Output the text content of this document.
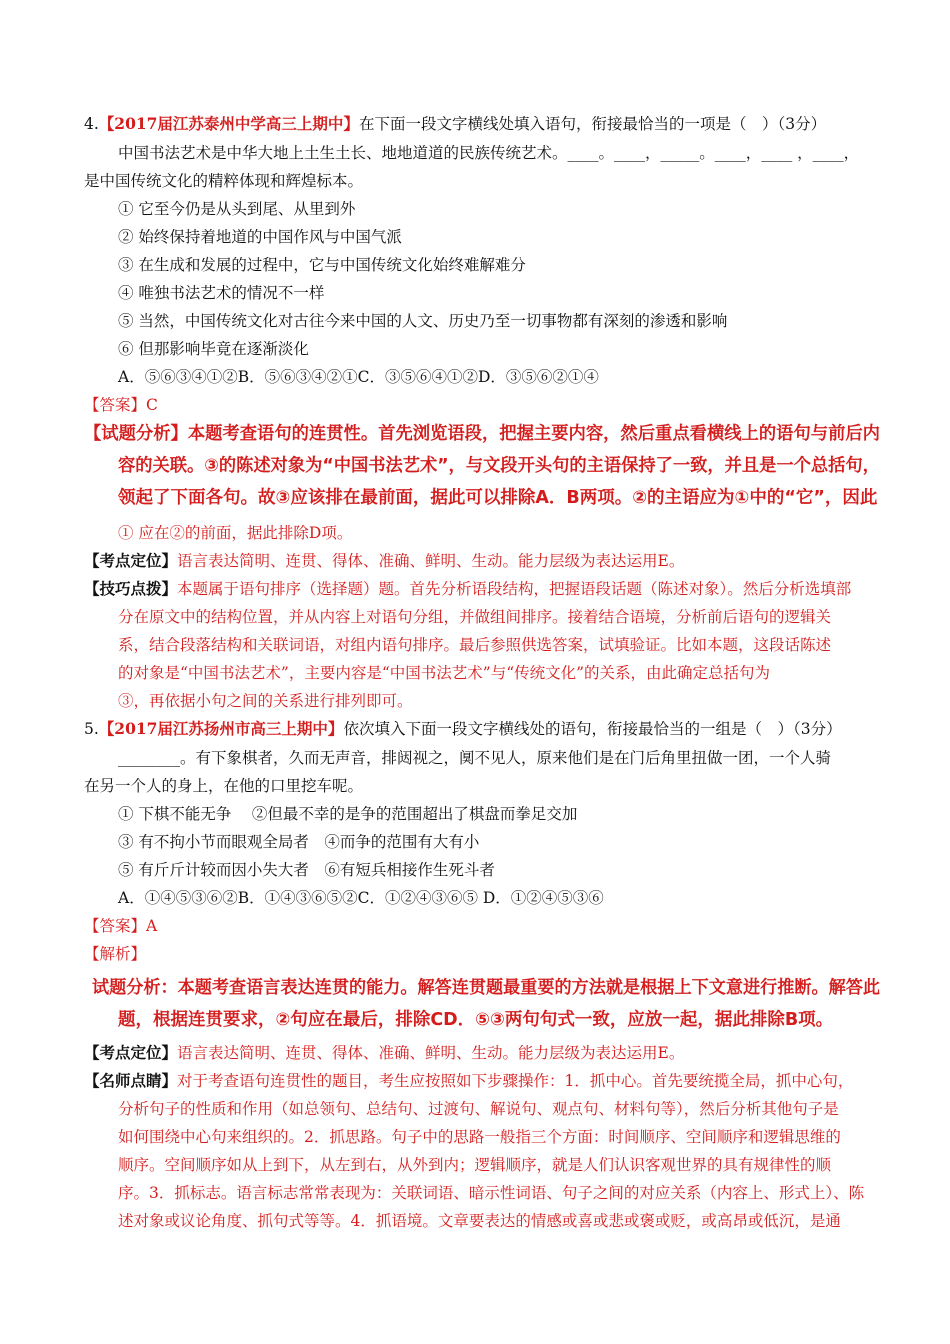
4.【2017届江苏泰州中学高三上期中】在下面一段文字横线处填入语句，衔接最恰当的一项是（　）（3分）
中国书法艺术是中华大地上土生土长、地地道道的民族传统艺术。____。____，_____。____，____ ，____，
是中国传统文化的精粹体现和辉煌标本。
① 它至今仍是从头到尾、从里到外
② 始终保持着地道的中国作风与中国气派
③ 在生成和发展的过程中，它与中国传统文化始终难解难分
④ 唯独书法艺术的情况不一样
⑤ 当然，中国传统文化对古往今来中国的人文、历史乃至一切事物都有深刻的渗透和影响
⑥ 但那影响毕竟在逐渐淡化
A．⑤⑥③④①②B．⑤⑥③④②①C．③⑤⑥④①②D．③⑤⑥②①④
【答案】C
【试题分析】本题考查语句的连贯性。首先浏览语段，把握主要内容，然后重点看横线上的语句与前后内
容的关联。③的陈述对象为“中国书法艺术”，与文段开头句的主语保持了一致，并且是一个总括句，
领起了下面各句。故③应该排在最前面，据此可以排除A．B两项。②的主语应为①中的“它”，因此
① 应在②的前面，据此排除D项。
【考点定位】语言表达简明、连贯、得体、准确、鲜明、生动。能力层级为表达运用E。
【技巧点拨】本题属于语句排序（选择题）题。首先分析语段结构，把握语段话题（陈述对象）。然后分析选填部
分在原文中的结构位置，并从内容上对语句分组，并做组间排序。接着结合语境，分析前后语句的逻辑关
系，结合段落结构和关联词语，对组内语句排序。最后参照供选答案，试填验证。比如本题，这段话陈述
的对象是“中国书法艺术”，主要内容是“中国书法艺术”与“传统文化”的关系，由此确定总括句为
③，再依据小句之间的关系进行排列即可。
5.【2017届江苏扬州市高三上期中】依次填入下面一段文字横线处的语句，衔接最恰当的一组是（　）（3分）
________。有下象棋者，久而无声音，排闼视之，阒不见人，原来他们是在门后角里扭做一团，一个人骑
在另一个人的身上，在他的口里挖车呢。
① 下棋不能无争　 ②但最不幸的是争的范围超出了棋盘而拳足交加
③ 有不拘小节而眼观全局者　④而争的范围有大有小
⑤ 有斤斤计较而因小失大者　⑥有短兵相接作生死斗者
A．①④⑤③⑥②B．①④③⑥⑤②C．①②④③⑥⑤ D．①②④⑤③⑥
【答案】A
【解析】
试题分析：本题考查语言表达连贯的能力。解答连贯题最重要的方法就是根据上下文意进行推断。解答此
题，根据连贯要求，②句应在最后，排除CD．⑤③两句句式一致，应放一起，据此排除B项。
【考点定位】语言表达简明、连贯、得体、准确、鲜明、生动。能力层级为表达运用E。
【名师点睛】对于考查语句连贯性的题目，考生应按照如下步骤操作：1．抓中心。首先要统揽全局，抓中心句，
分析句子的性质和作用（如总领句、总结句、过渡句、解说句、观点句、材料句等），然后分析其他句子是
如何围绕中心句来组织的。2．抓思路。句子中的思路一般指三个方面：时间顺序、空间顺序和逻辑思维的
顺序。空间顺序如从上到下，从左到右，从外到内；逻辑顺序，就是人们认识客观世界的具有规律性的顺
序。3．抓标志。语言标志常常表现为：关联词语、暗示性词语、句子之间的对应关系（内容上、形式上）、陈
述对象或议论角度、抓句式等等。4．抓语境。文章要表达的情感或喜或悲或褒或贬，或高昂或低沉，是通
